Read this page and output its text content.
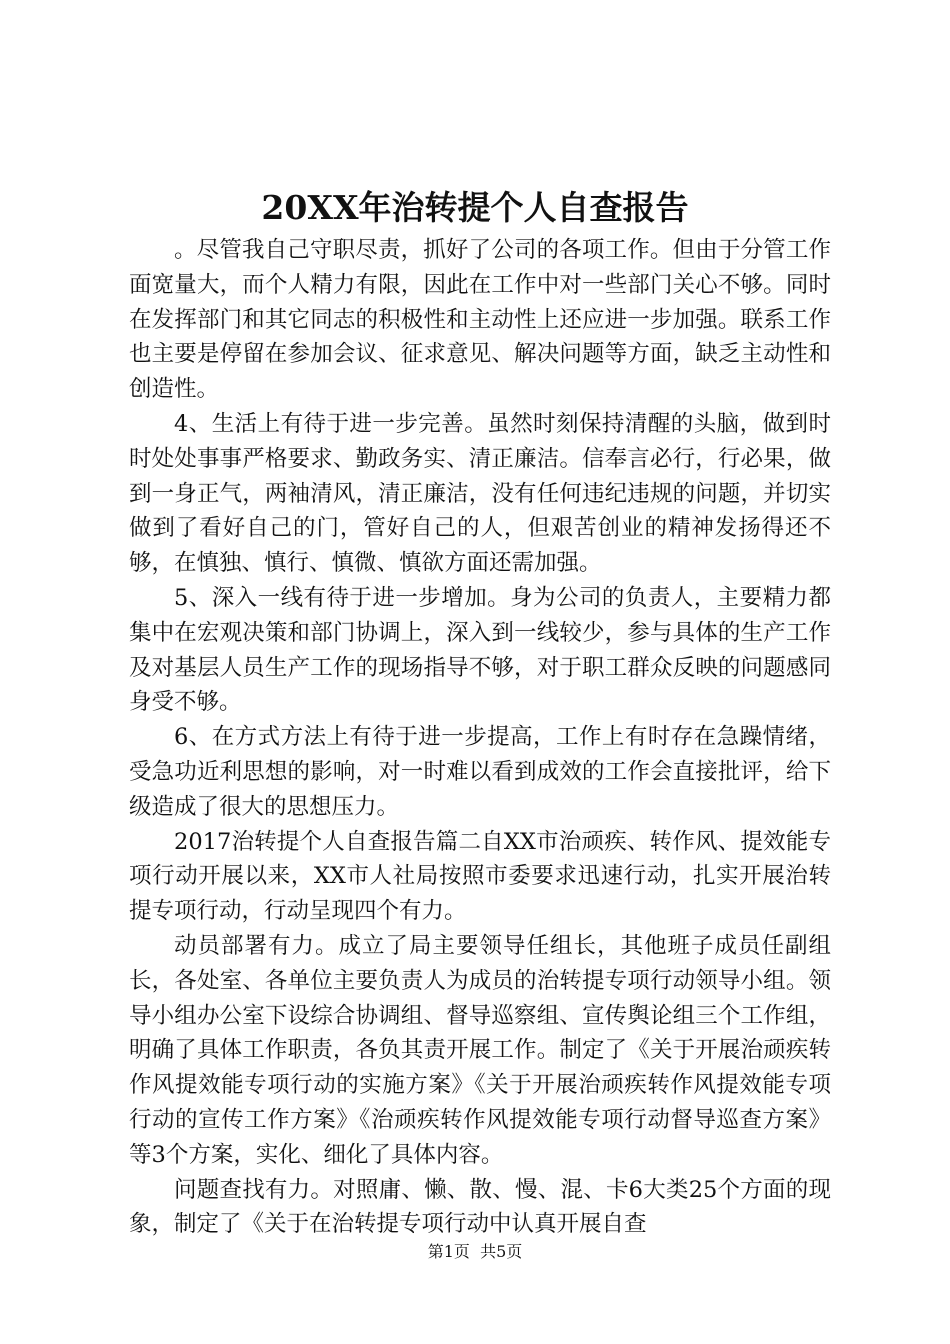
20XX年治转提个人自查报告

。尽管我自己守职尽责，抓好了公司的各项工作。但由于分管工作面宽量大，而个人精力有限，因此在工作中对一些部门关心不够。同时在发挥部门和其它同志的积极性和主动性上还应进一步加强。联系工作也主要是停留在参加会议、征求意见、解决问题等方面，缺乏主动性和创造性。

4、生活上有待于进一步完善。虽然时刻保持清醒的头脑，做到时时处处事事严格要求、勤政务实、清正廉洁。信奉言必行，行必果，做到一身正气，两袖清风，清正廉洁，没有任何违纪违规的问题，并切实做到了看好自己的门，管好自己的人，但艰苦创业的精神发扬得还不够，在慎独、慎行、慎微、慎欲方面还需加强。

5、深入一线有待于进一步增加。身为公司的负责人，主要精力都集中在宏观决策和部门协调上，深入到一线较少，参与具体的生产工作及对基层人员生产工作的现场指导不够，对于职工群众反映的问题感同身受不够。

6、在方式方法上有待于进一步提高，工作上有时存在急躁情绪，受急功近利思想的影响，对一时难以看到成效的工作会直接批评，给下级造成了很大的思想压力。

2017治转提个人自查报告篇二自XX市治顽疾、转作风、提效能专项行动开展以来，XX市人社局按照市委要求迅速行动，扎实开展治转提专项行动，行动呈现四个有力。

动员部署有力。成立了局主要领导任组长，其他班子成员任副组长，各处室、各单位主要负责人为成员的治转提专项行动领导小组。领导小组办公室下设综合协调组、督导巡察组、宣传舆论组三个工作组，明确了具体工作职责，各负其责开展工作。制定了《关于开展治顽疾转作风提效能专项行动的实施方案》《关于开展治顽疾转作风提效能专项行动的宣传工作方案》《治顽疾转作风提效能专项行动督导巡查方案》等3个方案，实化、细化了具体内容。

问题查找有力。对照庸、懒、散、慢、混、卡6大类25个方面的现象，制定了《关于在治转提专项行动中认真开展自查

第1页 共5页
